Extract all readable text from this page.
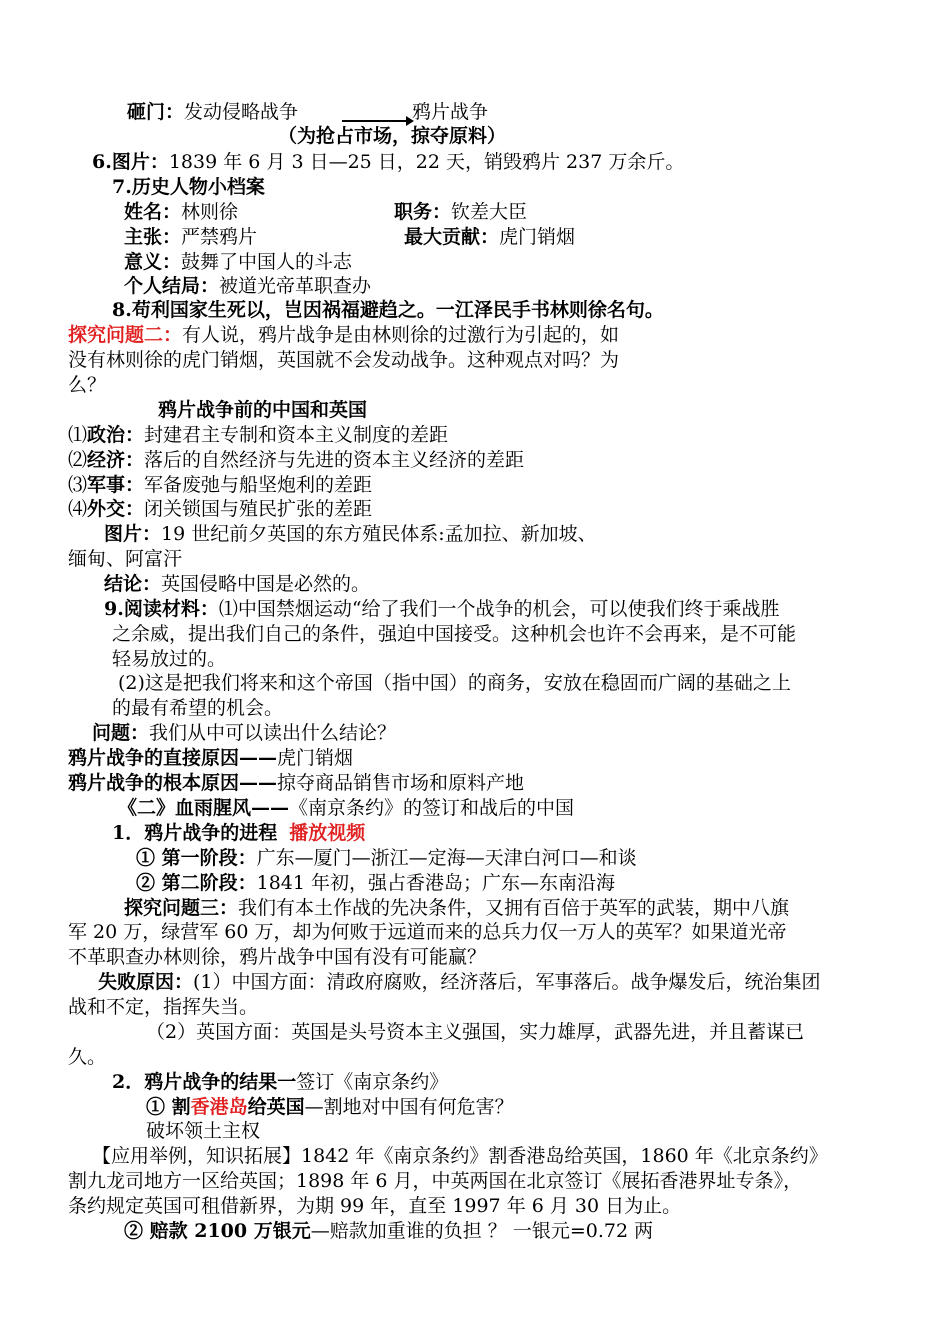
砸门：发动侵略战争	鸦片战争
（为抢占市场，掠夺原料）
6.图片：1839 年 6 月 3 日—25 日，22 天，销毁鸦片 237 万余斤。
7.历史人物小档案
姓名：林则徐	职务：钦差大臣
主张：严禁鸦片	最大贡献：虎门销烟
意义：鼓舞了中国人的斗志
个人结局：被道光帝革职查办
8.苟利国家生死以，岂因祸福避趋之。一江泽民手书林则徐名句。
探究问题二：有人说，鸦片战争是由林则徐的过激行为引起的，如
没有林则徐的虎门销烟，英国就不会发动战争。这种观点对吗？为
么？
鸦片战争前的中国和英国
⑴政治：封建君主专制和资本主义制度的差距
⑵经济：落后的自然经济与先进的资本主义经济的差距
⑶军事：军备废弛与船坚炮利的差距
⑷外交：闭关锁国与殖民扩张的差距
图片：19 世纪前夕英国的东方殖民体系:孟加拉、新加坡、
缅甸、阿富汗
结论：英国侵略中国是必然的。
9.阅读材料：⑴中国禁烟运动“给了我们一个战争的机会，可以使我们终于乘战胜
之余威，提出我们自己的条件，强迫中国接受。这种机会也许不会再来，是不可能
轻易放过的。
(2)这是把我们将来和这个帝国（指中国）的商务，安放在稳固而广阔的基础之上
的最有希望的机会。
问题：我们从中可以读出什么结论？
鸦片战争的直接原因——虎门销烟
鸦片战争的根本原因——掠夺商品销售市场和原料产地
《二》血雨腥风——《南京条约》的签订和战后的中国
1．鸦片战争的进程 播放视频
① 第一阶段：广东—厦门—浙江—定海—天津白河口—和谈
② 第二阶段：1841 年初，强占香港岛；广东—东南沿海
探究问题三：我们有本土作战的先决条件，又拥有百倍于英军的武装，期中八旗
军 20 万，绿营军 60 万，却为何败于远道而来的总兵力仅一万人的英军？如果道光帝
不革职查办林则徐，鸦片战争中国有没有可能赢？
失败原因：(1）中国方面：清政府腐败，经济落后，军事落后。战争爆发后，统治集团
战和不定，指挥失当。
（2）英国方面：英国是头号资本主义强国，实力雄厚，武器先进，并且蓄谋已
久。
2．鸦片战争的结果一签订《南京条约》
① 割香港岛给英国—割地对中国有何危害？
破坏领土主权
【应用举例，知识拓展】1842 年《南京条约》割香港岛给英国，1860 年《北京条约》
割九龙司地方一区给英国；1898 年 6 月，中英两国在北京签订《展拓香港界址专条》，
条约规定英国可租借新界，为期 99 年，直至 1997 年 6 月 30 日为止。
② 赔款 2100 万银元—赔款加重谁的负担 ？ 一银元=0.72 两
